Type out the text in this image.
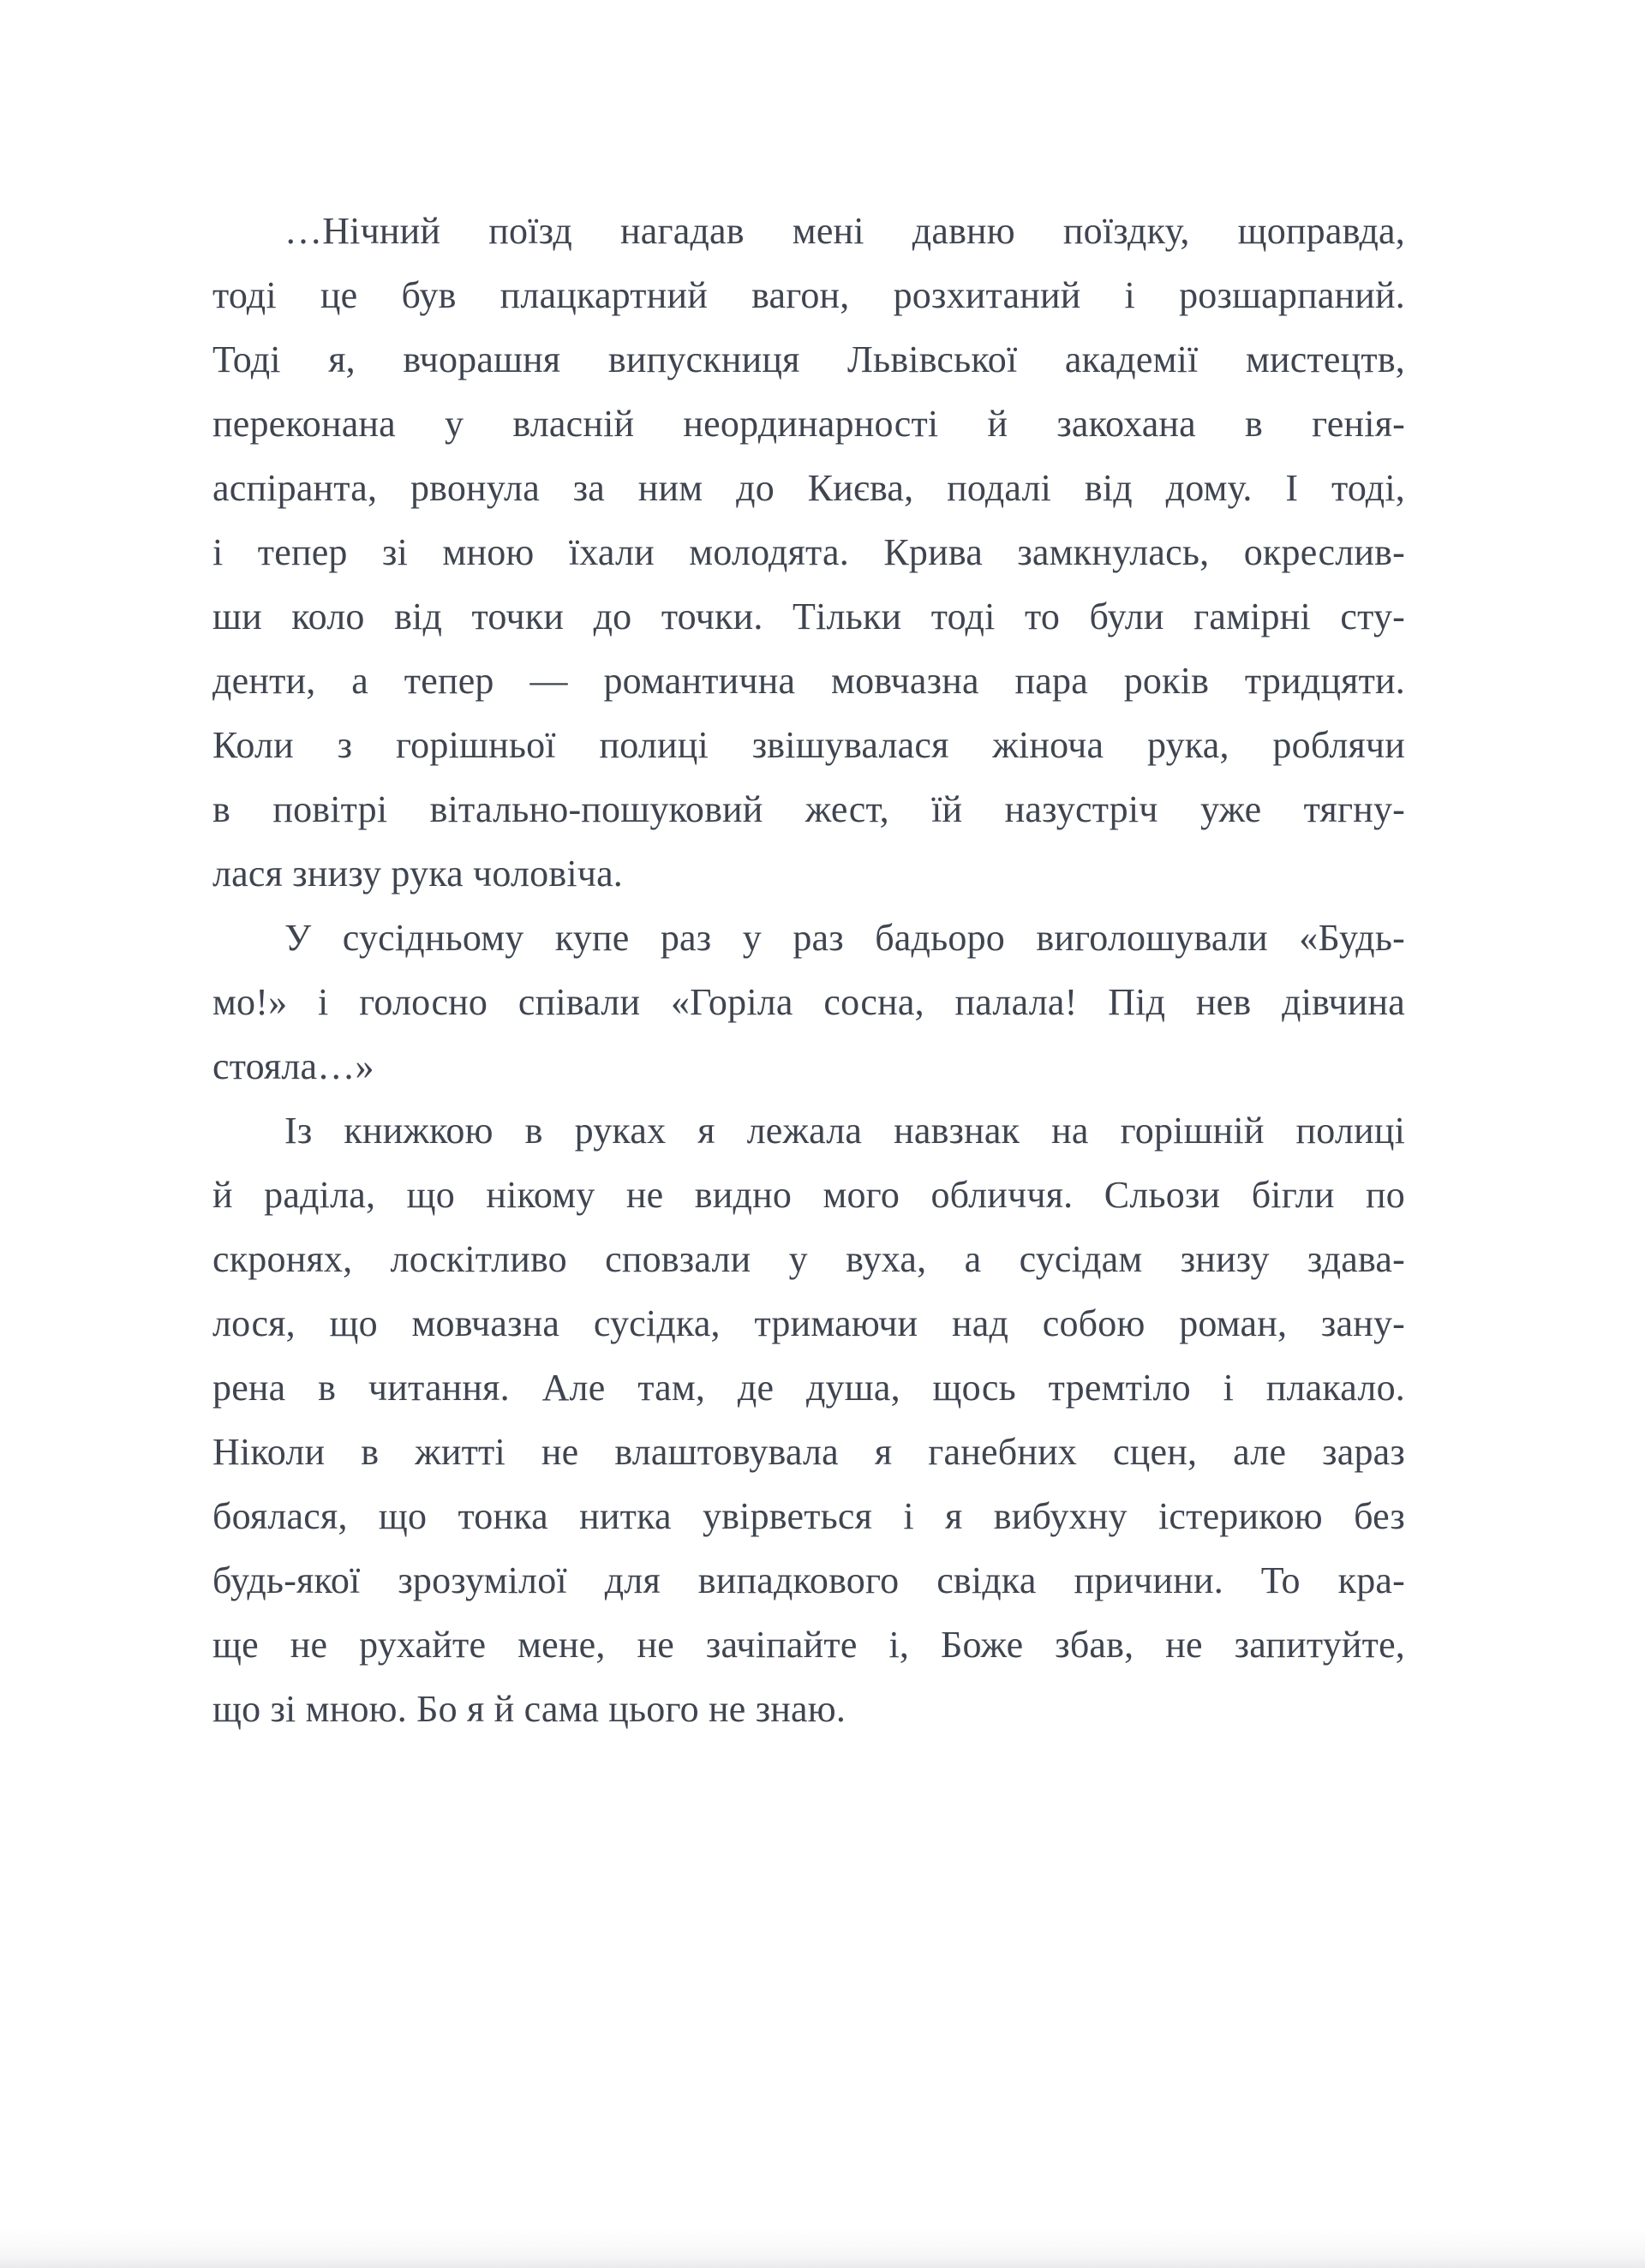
…Нічний поїзд нагадав мені давню поїздку, щоправда,
тоді це був плацкартний вагон, розхитаний і розшарпаний.
Тоді я, вчорашня випускниця Львівської академії мистецтв,
переконана у власній неординарності й закохана в генія-
аспіранта, рвонула за ним до Києва, подалі від дому. І тоді,
і тепер зі мною їхали молодята. Крива замкнулась, окреслив-
ши коло від точки до точки. Тільки тоді то були гамірні сту-
денти, а тепер — романтична мовчазна пара років тридцяти.
Коли з горішньої полиці звішувалася жіноча рука, роблячи
в повітрі вітально-пошуковий жест, їй назустріч уже тягну-
лася знизу рука чоловіча.
У сусідньому купе раз у раз бадьоро виголошували «Будь-
мо!» і голосно співали «Горіла сосна, палала! Під нев дівчина
стояла…»
Із книжкою в руках я лежала навзнак на горішній полиці
й раділа, що нікому не видно мого обличчя. Сльози бігли по
скронях, лоскітливо сповзали у вуха, а сусідам знизу здава-
лося, що мовчазна сусідка, тримаючи над собою роман, зану-
рена в читання. Але там, де душа, щось тремтіло і плакало.
Ніколи в житті не влаштовувала я ганебних сцен, але зараз
боялася, що тонка нитка увірветься і я вибухну істерикою без
будь-якої зрозумілої для випадкового свідка причини. То кра-
ще не рухайте мене, не зачіпайте і, Боже збав, не запитуйте,
що зі мною. Бо я й сама цього не знаю.
